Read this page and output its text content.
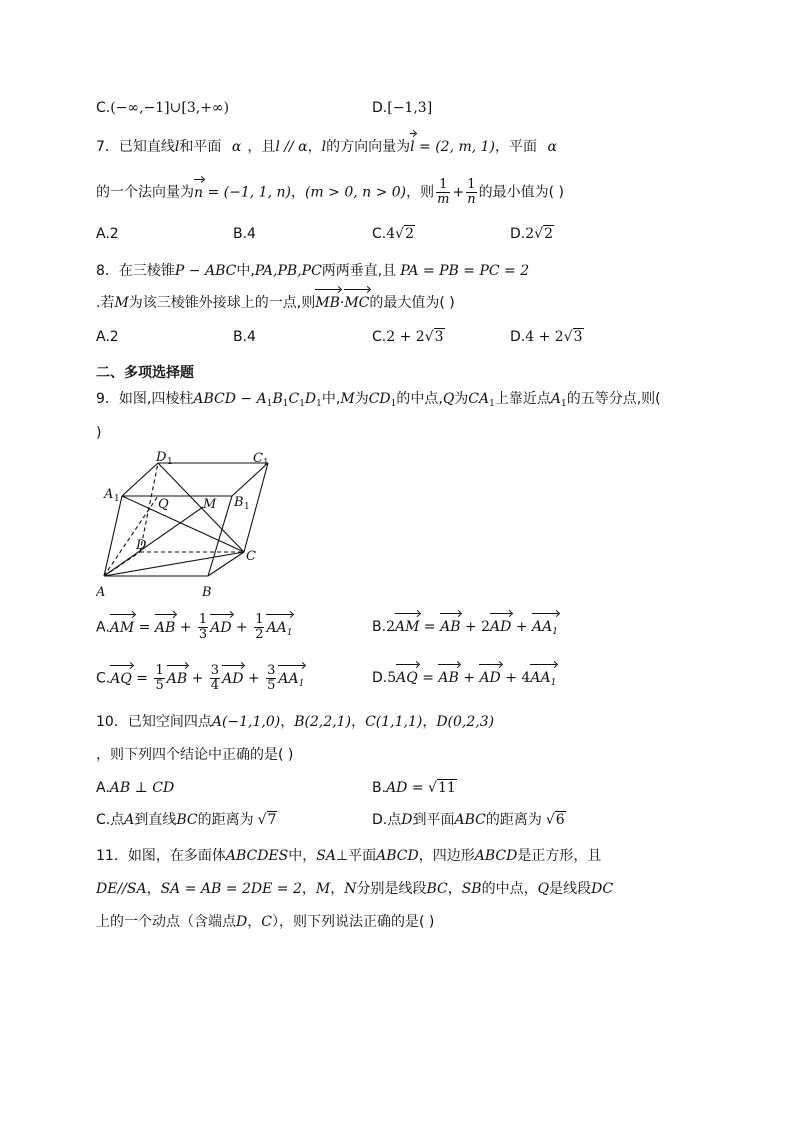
C.(−∞,−1]∪[3,+∞)	D.[−1,3]
7．已知直线l和平面 α ，且l // α，l的方向向量为l = (2, m, 1)，平面 α
的一个法向量为n = (−1, 1, n)，(m > 0, n > 0)，则 $\frac{1}{m} + \frac{1}{n}$ 的最小值为( )
A.2	B.4	C.4√2	D.2√2
8．在三棱锥P − ABC中,PA,PB,PC两两垂直,且 PA = PB = PC = 2
.若M为该三棱锥外接球上的一点,则MB·MC的最大值为( )
A.2	B.4	C.2 + 2√3	D.4 + 2√3
二、多项选择题
9．如图,四棱柱ABCD − $A_1B_1C_1D_1$中,M为$CD_1$的中点,Q为$CA_1$上靠近点$A_1$的五等分点,则(
)
A	B
C
D
A 1	B 1
C 1
D 1
Q	M
A.AM = AB + $\frac{1}{3}$ AD + $\frac{1}{2} AA_1$	B.2AM = AB + $2AD + AA_1$
$C.AQ = \frac{1}{5}$ AB + $\frac{3}{4}$ AD + $\frac{3}{5} AA_1$	D.5AQ = AB + AD + $4AA_1$
10．已知空间四点A(−1,1,0)，B(2,2,1)，C(1,1,1)，D(0,2,3)
，则下列四个结论中正确的是( )
A.AB ⊥ CD	B.AD = √11
C.点A到直线BC的距离为 √7	D.点D到平面ABC的距离为 √6
11．如图，在多面体ABCDES中，SA⊥平面ABCD，四边形ABCD是正方形，且
DE//SA，SA = AB = 2DE = 2，M，N分别是线段BC，SB的中点，Q是线段DC
上的一个动点（含端点D，C），则下列说法正确的是( )
